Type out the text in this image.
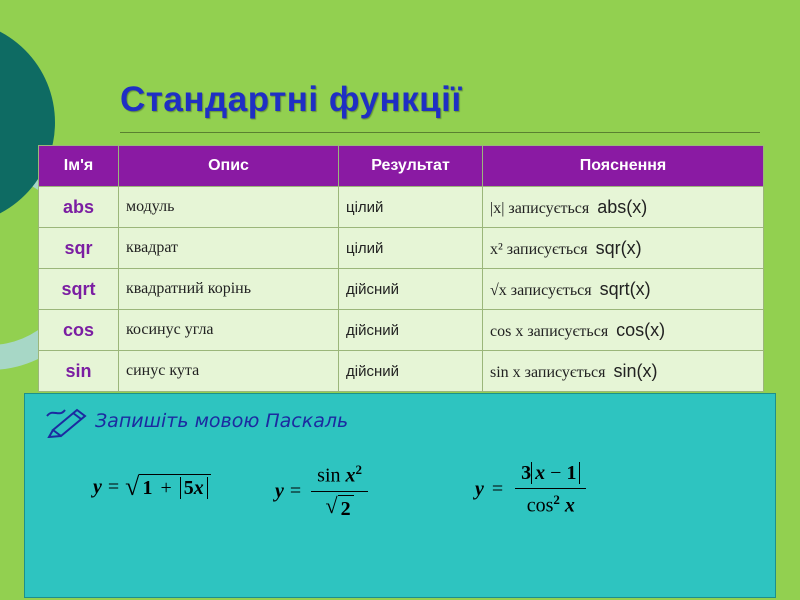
Стандартні функції
Ім'я	Опис	Результат	Пояснення
abs	модуль	цілий	|x| записується abs(x)
sqr	квадрат	цілий	x² записується sqr(x)
sqrt	квадратний корінь	дійсний	√x записується sqrt(x)
cos	косинус угла	дійсний	cos x записується cos(x)
sin	синус кута	дійсний	sin x записується sin(x)
Запишіть мовою Паскаль
y = √ 1 + 5x	$y = \frac{\sin x^2}{√ 2}$	$y = \frac{3 x - 1}{\cos^2 x}$
